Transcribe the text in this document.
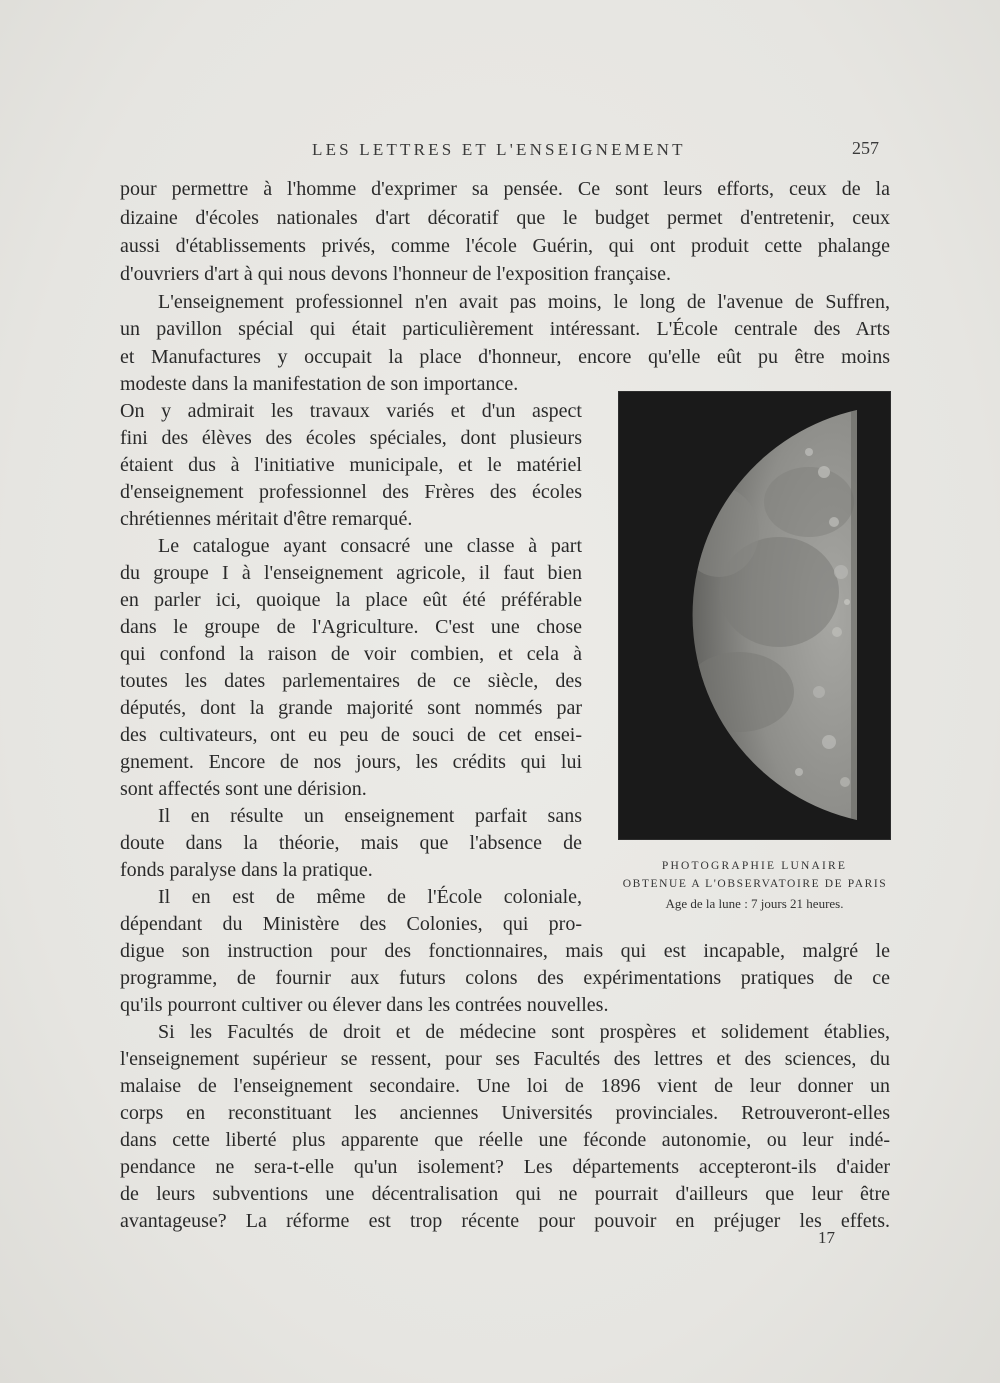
LES LETTRES ET L'ENSEIGNEMENT	257
pour permettre à l'homme d'exprimer sa pensée. Ce sont leurs efforts, ceux de la
dizaine d'écoles nationales d'art décoratif que le budget permet d'entretenir, ceux
aussi d'établissements privés, comme l'école Guérin, qui ont produit cette phalange
d'ouvriers d'art à qui nous devons l'honneur de l'exposition française.
L'enseignement professionnel n'en avait pas moins, le long de l'avenue de Suffren,
un pavillon spécial qui était particulièrement intéressant. L'École centrale des Arts
et Manufactures y occupait la place d'honneur, encore qu'elle eût pu être moins
modeste dans la manifestation de son importance.
On y admirait les travaux variés et d'un aspect
fini des élèves des écoles spéciales, dont plusieurs
étaient dus à l'initiative municipale, et le matériel
d'enseignement professionnel des Frères des écoles
chrétiennes méritait d'être remarqué.
Le catalogue ayant consacré une classe à part
du groupe I à l'enseignement agricole, il faut bien
en parler ici, quoique la place eût été préférable
dans le groupe de l'Agriculture. C'est une chose
qui confond la raison de voir combien, et cela à
toutes les dates parlementaires de ce siècle, des
députés, dont la grande majorité sont nommés par
des cultivateurs, ont eu peu de souci de cet ensei-
gnement. Encore de nos jours, les crédits qui lui
sont affectés sont une dérision.
Il en résulte un enseignement parfait sans
doute dans la théorie, mais que l'absence de
fonds paralyse dans la pratique.
Il en est de même de l'École coloniale,
dépendant du Ministère des Colonies, qui pro-
digue son instruction pour des fonctionnaires, mais qui est incapable, malgré le
programme, de fournir aux futurs colons des expérimentations pratiques de ce
qu'ils pourront cultiver ou élever dans les contrées nouvelles.
Si les Facultés de droit et de médecine sont prospères et solidement établies,
l'enseignement supérieur se ressent, pour ses Facultés des lettres et des sciences, du
malaise de l'enseignement secondaire. Une loi de 1896 vient de leur donner un
corps en reconstituant les anciennes Universités provinciales. Retrouveront-elles
dans cette liberté plus apparente que réelle une féconde autonomie, ou leur indé-
pendance ne sera-t-elle qu'un isolement? Les départements accepteront-ils d'aider
de leurs subventions une décentralisation qui ne pourrait d'ailleurs que leur être
avantageuse? La réforme est trop récente pour pouvoir en préjuger les effets.
PHOTOGRAPHIE LUNAIRE
OBTENUE A L'OBSERVATOIRE DE PARIS
Age de la lune : 7 jours 21 heures.
17
